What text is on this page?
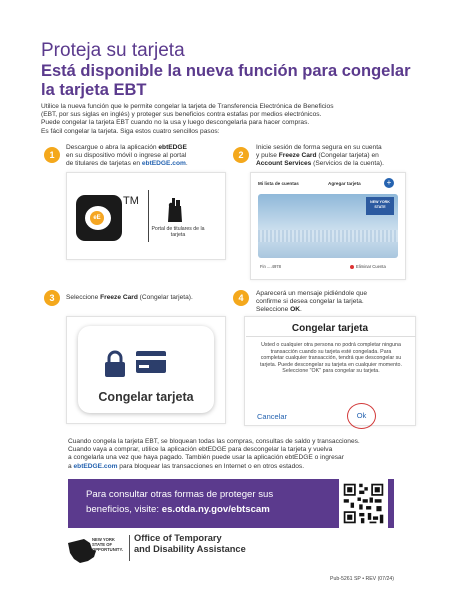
Proteja su tarjeta
Está disponible la nueva función para congelar la tarjeta EBT

Utilice la nueva función que le permite congelar la tarjeta de Transferencia Electrónica de Beneficios

(EBT, por sus siglas en inglés) y proteger sus beneficios contra estafas por medios electrónicos.

Puede congelar la tarjeta EBT cuando no la usa y luego descongelarla para hacer compras.

Es fácil congelar la tarjeta. Siga estos cuatro sencillos pasos:

1
Descargue o abra la aplicación ebtEDGE
en su dispositivo móvil o ingrese al portal
de titulares de tarjetas en ebtEDGE.com.
eE
TM
Portal de titulares de la tarjeta
2
Inicie sesión de forma segura en su cuenta
y pulse Freeze Card (Congelar tarjeta) en
Account Services (Servicios de la cuenta).
Mi lista de cuentas	Agregar tarjeta	+
NEW YORK STATE
Fin ....4978	Eliminar Cuenta
3	Seleccione Freeze Card (Congelar tarjeta).
Congelar tarjeta
4	Aparecerá un mensaje pidiéndole que
confirme si desea congelar la tarjeta.
Seleccione OK.
Congelar tarjeta
Usted o cualquier otra persona no podrá completar ninguna transacción cuando su tarjeta esté congelada. Para completar cualquier transacción, tendrá que descongelar su tarjeta. Puede descongelar su tarjeta en cualquier momento. Seleccione "OK" para congelar su tarjeta.
Cancelar	Ok
Cuando congela la tarjeta EBT, se bloquean todas las compras, consultas de saldo y transacciones.
Cuando vaya a comprar, utilice la aplicación ebtEDGE para descongelar la tarjeta y vuelva
a congelarla una vez que haya pagado. También puede usar la aplicación ebtEDGE o ingresar
a ebtEDGE.com para bloquear las transacciones en Internet o en otros estados.
Para consultar otras formas de proteger sus
beneficios, visite: es.otda.ny.gov/ebtscam
NEW YORK
STATE OF
OPPORTUNITY.
Office of Temporary
and Disability Assistance
Pub-5261 SP • REV (07/24)
